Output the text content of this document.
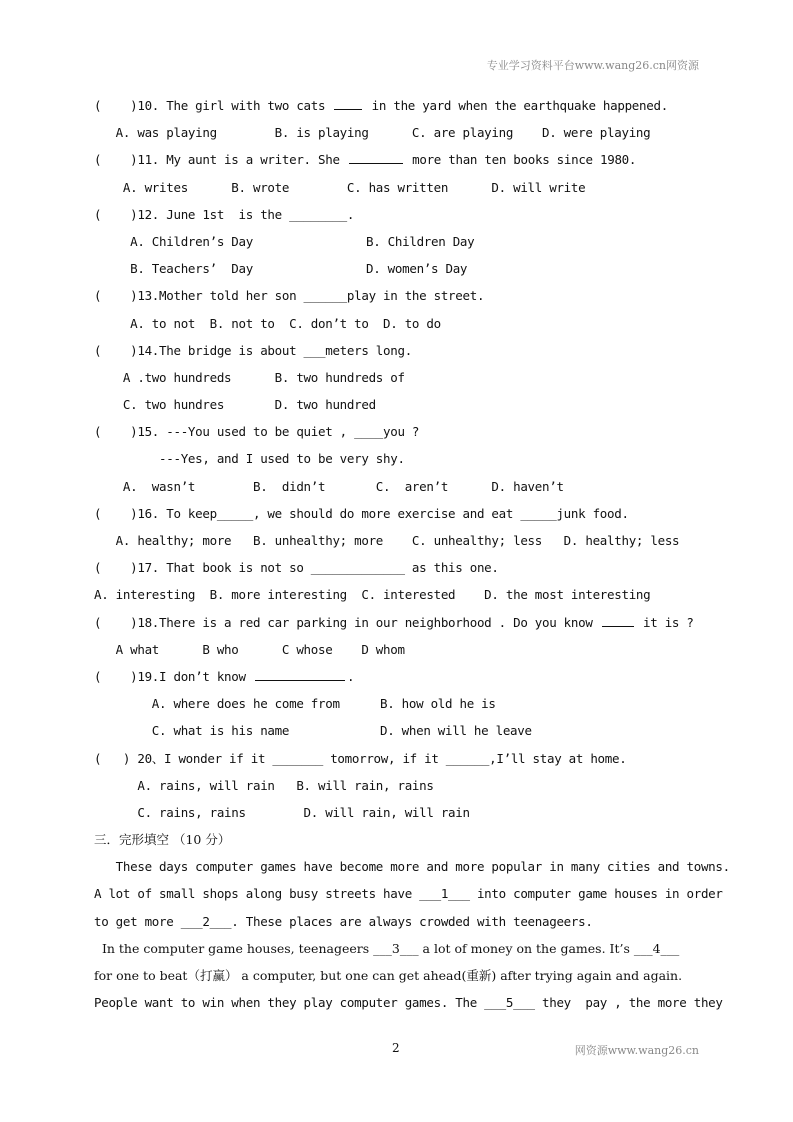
专业学习资料平台www.wang26.cn网资源
(    )10. The girl with two cats	in the yard when the earthquake happened.
A. was playing        B. is playing      C. are playing    D. were playing
(    )11. My aunt is a writer. She	more than ten books since 1980.
A. writes      B. wrote        C. has written      D. will write
(    )12. June 1st  is the ________.
A. Children’s Day	B. Children Day
B. Teachers’  Day	D. women’s Day
(    )13.Mother told her son ______play in the street.
A. to not  B. not to  C. don’t to  D. to do
(    )14.The bridge is about ___meters long.
A .two hundreds      B. two hundreds of
C. two hundres       D. two hundred
(    )15. ---You used to be quiet , ____you ?
---Yes, and I used to be very shy.
A.  wasn’t        B.  didn’t       C.  aren’t      D. haven’t
(    )16. To keep_____, we should do more exercise and eat _____junk food.
A. healthy; more   B. unhealthy; more    C. unhealthy; less   D. healthy; less
(    )17. That book is not so _____________ as this one.
A. interesting  B. more interesting  C. interested    D. the most interesting
(    )18.There is a red car parking in our neighborhood . Do you know	it is ?
A what      B who      C whose    D whom
(    )19.I don’t know	.
A. where does he come from	B. how old he is
C. what is his name	D. when will he leave
(   ) 20、I wonder if it _______ tomorrow, if it ______,I’ll stay at home.
A. rains, will rain   B. will rain, rains
C. rains, rains        D. will rain, will rain
三．完形填空 （10 分）
These days computer games have become more and more popular in many cities and towns.
A lot of small shops along busy streets have ___1___ into computer game houses in order
to get more ___2___. These places are always crowded with teenageers.
In the computer game houses, teenageers ___3___ a lot of money on the games. It’s ___4___
for one to beat（打赢） a computer, but one can get ahead(重新) after trying again and again.
People want to win when they play computer games. The ___5___ they  pay , the more they
2	网资源www.wang26.cn
